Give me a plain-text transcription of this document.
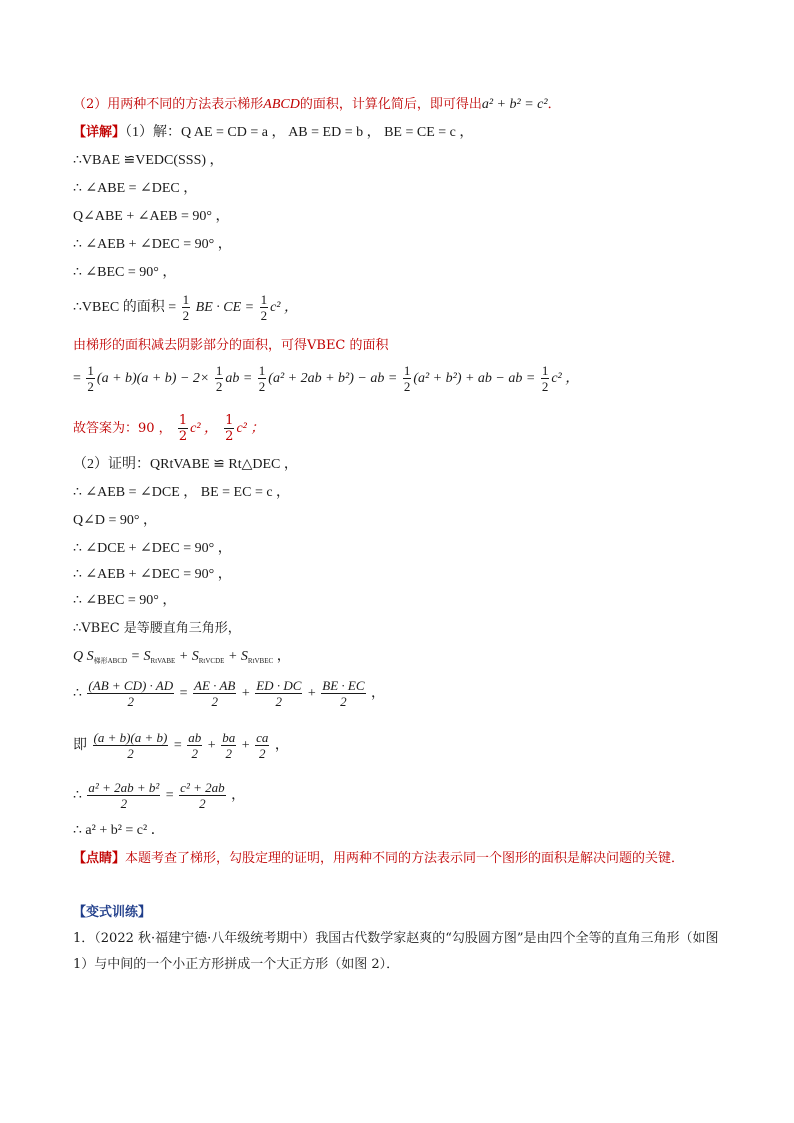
（2）用两种不同的方法表示梯形ABCD的面积，计算化简后，即可得出a² + b² = c²．
【详解】（1）解：Q AE = CD = a ， AB = ED = b ， BE = CE = c ，
∴VBAE ≌VEDC(SSS) ，
∴ ∠ABE = ∠DEC ，
Q∠ABE + ∠AEB = 90° ，
∴ ∠AEB + ∠DEC = 90° ，
∴ ∠BEC = 90° ，
∴VBEC 的面积 = $\frac{1}{2}$ BE · CE = $\frac{1}{2} c^2$ ，
由梯形的面积减去阴影部分的面积，可得VBEC 的面积
= $\frac{1}{2} (a + b)(a + b) - 2\times \frac{1}{2}$ ab = $\frac{1}{2} (a^2 + 2ab + b^2)$ − ab = $\frac{1}{2} (a^2 + b^2)$ + ab − ab = $\frac{1}{2} c^2$ ，
故答案为：90 ， $\frac{1}{2} c^2$ ， $\frac{1}{2} c^2$ ；
（2）证明：QRtVABE ≌ Rt△DEC ，
∴ ∠AEB = ∠DCE ， BE = EC = c ，
Q∠D = 90° ，
∴ ∠DCE + ∠DEC = 90° ，
∴ ∠AEB + ∠DEC = 90° ，
∴ ∠BEC = 90° ，
∴VBEC 是等腰直角三角形，
Q $S_{梯形ABCD} = S_{RtVABE} + S_{RtVCDE} + S_{RtVBEC}$ ，
∴ $\frac{(AB + CD) \cdot AD}{2} = \frac{AE \cdot AB}{2} + \frac{ED \cdot DC}{2} + \frac{BE \cdot EC}{2}$ ，
即 $\frac{(a + b)(a + b)}{2} = \frac{ab}{2} + \frac{ba}{2} + \frac{ca}{2}$ ，
∴ $\frac{\text{a² + 2ab + b²}}{2} = \frac{\text{c² + 2ab}}{2}$ ，
∴ a² + b² = c² ．
【点睛】本题考查了梯形，勾股定理的证明，用两种不同的方法表示同一个图形的面积是解决问题的关键．
【变式训练】
1．（2022 秋·福建宁德·八年级统考期中）我国古代数学家赵爽的“勾股圆方图”是由四个全等的直角三角形（如图 1）与中间的一个小正方形拼成一个大正方形（如图 2）．
